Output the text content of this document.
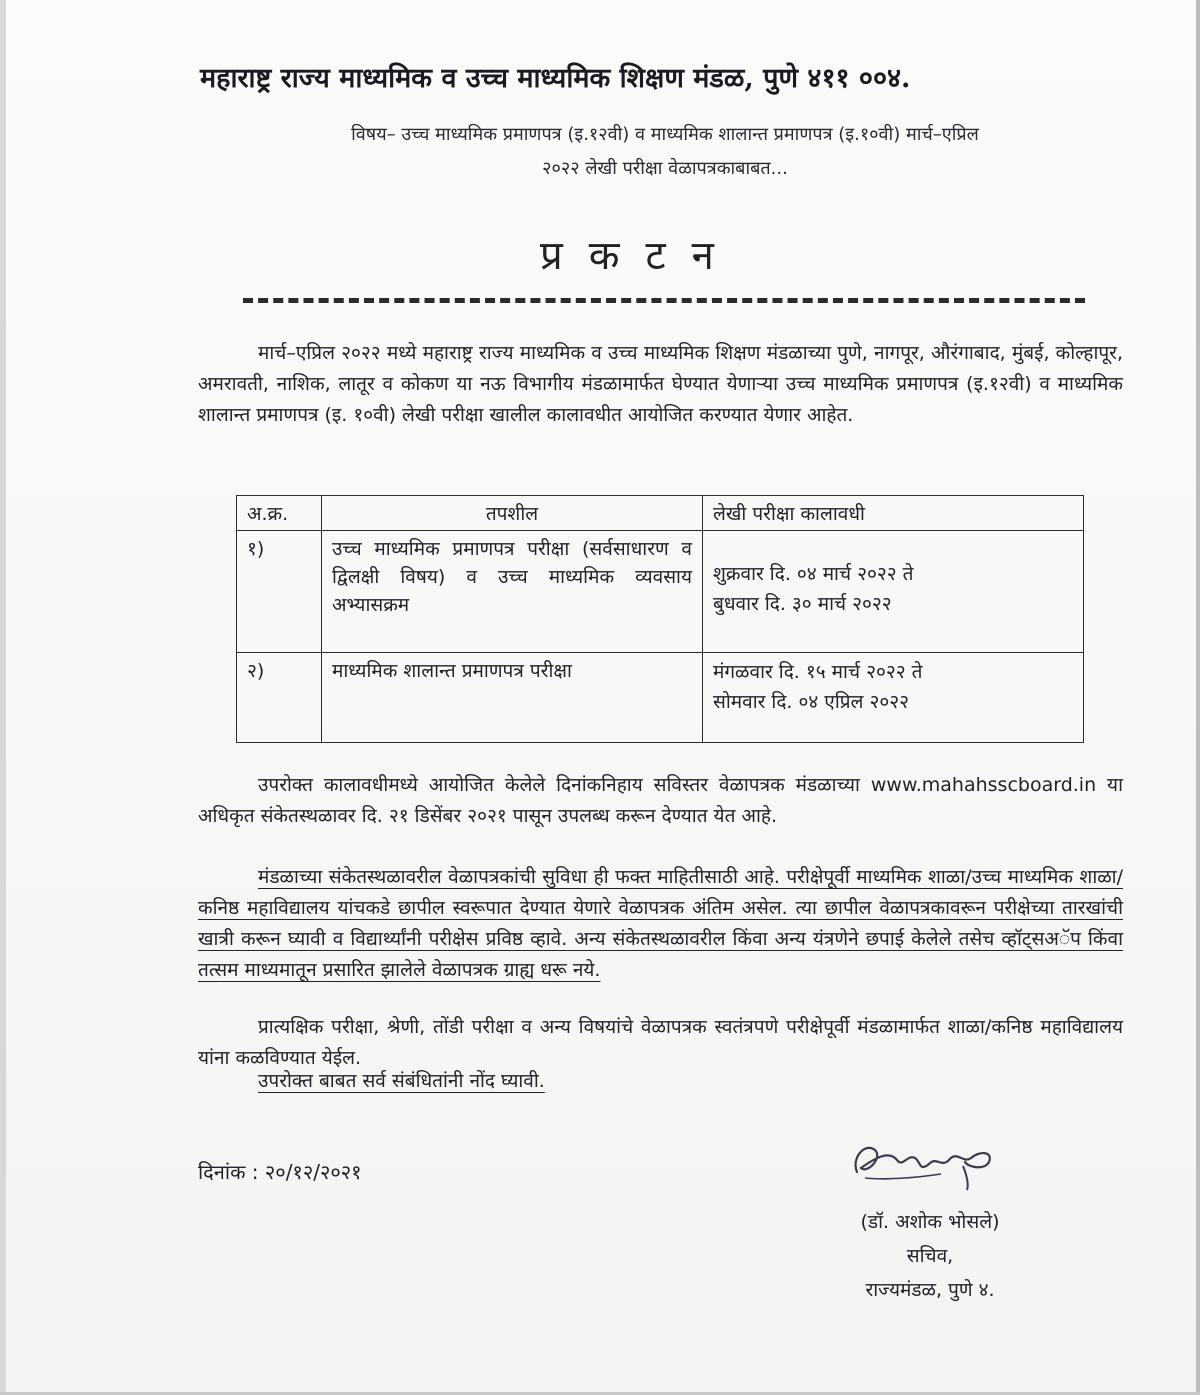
महाराष्ट्र राज्य माध्यमिक व उच्च माध्यमिक शिक्षण मंडळ, पुणे ४११ ००४.
विषय– उच्च माध्यमिक प्रमाणपत्र (इ.१२वी) व माध्यमिक शालान्त प्रमाणपत्र (इ.१०वी) मार्च–एप्रिल
२०२२ लेखी परीक्षा वेळापत्रकाबाबत...
प्रकटन
मार्च–एप्रिल २०२२ मध्ये महाराष्ट्र राज्य माध्यमिक व उच्च माध्यमिक शिक्षण मंडळाच्या पुणे, नागपूर, औरंगाबाद, मुंबई, कोल्हापूर, अमरावती, नाशिक, लातूर व कोकण या नऊ विभागीय मंडळामार्फत घेण्यात येणाऱ्या उच्च माध्यमिक प्रमाणपत्र (इ.१२वी) व माध्यमिक शालान्त प्रमाणपत्र (इ. १०वी) लेखी परीक्षा खालील कालावधीत आयोजित करण्यात येणार आहेत.
अ.क्र.	तपशील	लेखी परीक्षा कालावधी
१)	उच्च माध्यमिक प्रमाणपत्र परीक्षा (सर्वसाधारण व द्विलक्षी विषय) व उच्च माध्यमिक व्यवसाय अभ्यासक्रम	शुक्रवार दि. ०४ मार्च २०२२ ते
बुधवार दि. ३० मार्च २०२२

२)	माध्यमिक शालान्त प्रमाणपत्र परीक्षा	मंगळवार दि. १५ मार्च २०२२ ते
सोमवार दि. ०४ एप्रिल २०२२
उपरोक्त कालावधीमध्ये आयोजित केलेले दिनांकनिहाय सविस्तर वेळापत्रक मंडळाच्या www.mahahsscboard.in या अधिकृत संकेतस्थळावर दि. २१ डिसेंबर २०२१ पासून उपलब्ध करून देण्यात येत आहे.
मंडळाच्या संकेतस्थळावरील वेळापत्रकांची सुविधा ही फक्त माहितीसाठी आहे. परीक्षेपूर्वी माध्यमिक शाळा/उच्च माध्यमिक शाळा/कनिष्ठ महाविद्यालय यांचकडे छापील स्वरूपात देण्यात येणारे वेळापत्रक अंतिम असेल. त्या छापील वेळापत्रकावरून परीक्षेच्या तारखांची खात्री करून घ्यावी व विद्यार्थ्यांनी परीक्षेस प्रविष्ठ व्हावे. अन्य संकेतस्थळावरील किंवा अन्य यंत्रणेने छपाई केलेले तसेच व्हॉट्सअॅप किंवा तत्सम माध्यमातून प्रसारित झालेले वेळापत्रक ग्राह्य धरू नये.
प्रात्यक्षिक परीक्षा, श्रेणी, तोंडी परीक्षा व अन्य विषयांचे वेळापत्रक स्वतंत्रपणे परीक्षेपूर्वी मंडळामार्फत शाळा/कनिष्ठ महाविद्यालय यांना कळविण्यात येईल.
उपरोक्त बाबत सर्व संबंधितांनी नोंद घ्यावी.
दिनांक : २०/१२/२०२१
(डॉ. अशोक भोसले)
सचिव,
राज्यमंडळ, पुणे ४.
